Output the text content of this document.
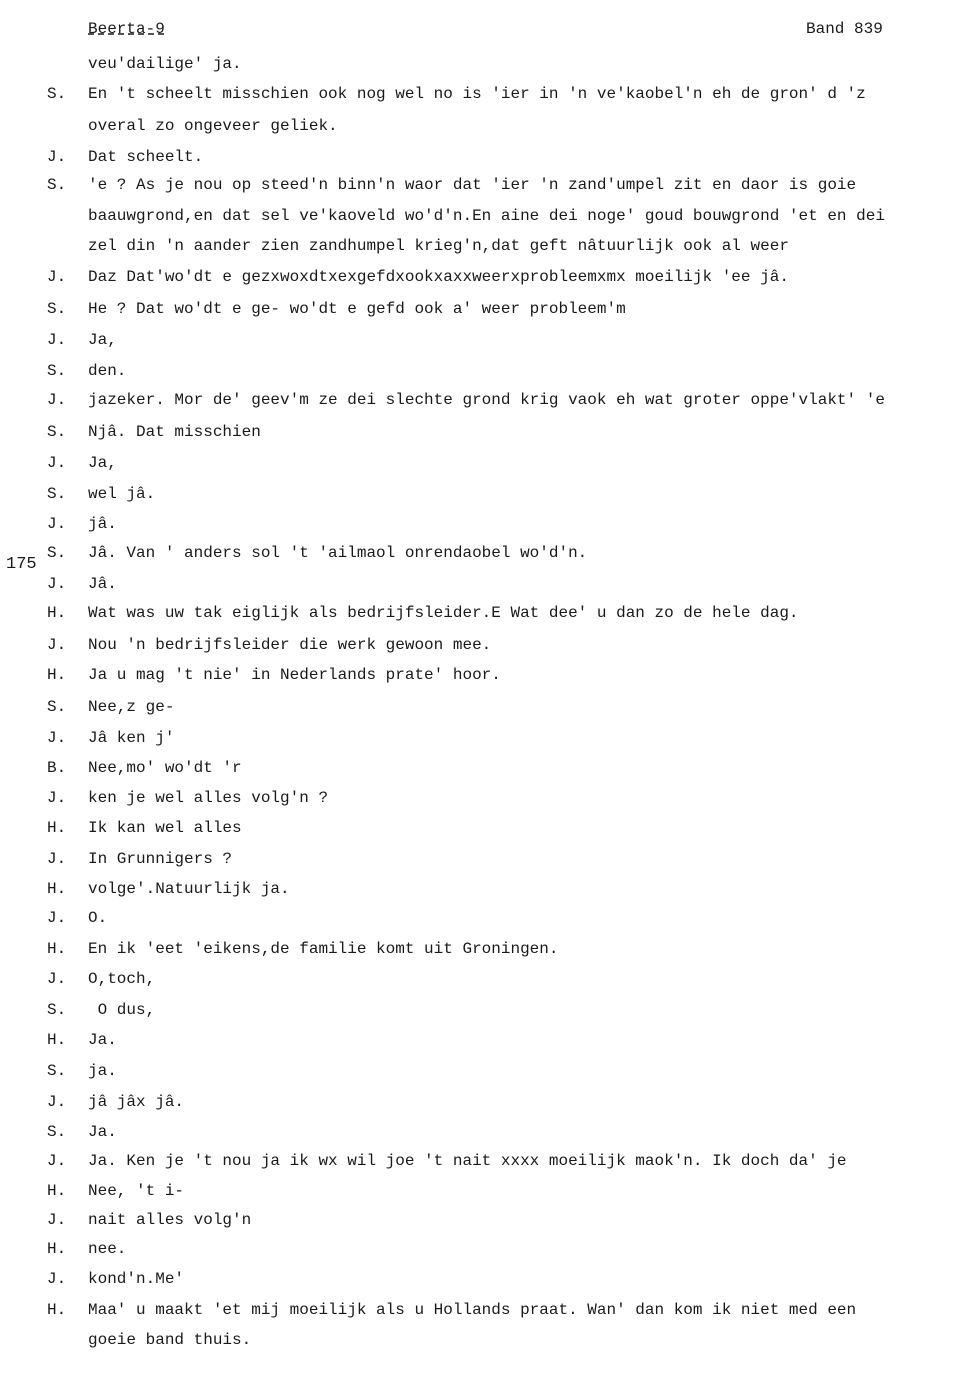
Beerta-9	Band 839
175
veu'dailige' ja.
S. En 't scheelt misschien ook nog wel no is 'ier in 'n ve'kaobel'n eh de gron' d 'z
overal zo ongeveer geliek.
J. Dat scheelt.
S. 'e ? As je nou op steed'n binn'n waor dat 'ier 'n zand'umpel zit en daor is goie
baauwgrond,en dat sel ve'kaoveld wo'd'n.En aine dei noge' goud bouwgrond 'et en dei
zel din 'n aander zien zandhumpel krieg'n,dat geft nâtuurlijk ook al weer
J. Daz Dat'wo'dt e gezxwoxdtxexgefdxookxaxxweerxprobleemxmx moeilijk 'ee jâ.
S. He ? Dat wo'dt e ge- wo'dt e gefd ook a' weer probleem'm
J. Ja,
S. den.
J. jazeker. Mor de' geev'm ze dei slechte grond krig vaok eh wat groter oppe'vlakt' 'e
S. Njâ. Dat misschien
J. Ja,
S. wel jâ.
J. jâ.
S. Jâ. Van ' anders sol 't 'ailmaol onrendaobel wo'd'n.
J. Jâ.
H. Wat was uw tak eiglijk als bedrijfsleider.E Wat dee' u dan zo de hele dag.
J. Nou 'n bedrijfsleider die werk gewoon mee.
H. Ja u mag 't nie' in Nederlands prate' hoor.
S. Nee,z ge-
J. Jâ ken j'
B. Nee,mo' wo'dt 'r
J. ken je wel alles volg'n ?
H. Ik kan wel alles
J. In Grunnigers ?
H. volge'.Natuurlijk ja.
J. O.
H. En ik 'eet 'eikens,de familie komt uit Groningen.
J. O,toch,
S. O dus,
H. Ja.
S. ja.
J. jâ jâx jâ.
S. Ja.
J. Ja. Ken je 't nou ja ik wx wil joe 't nait xxxx moeilijk maok'n. Ik doch da' je
H. Nee, 't i-
J. nait alles volg'n
H. nee.
J. kond'n.Me'
H. Maa' u maakt 'et mij moeilijk als u Hollands praat. Wan' dan kom ik niet med een
goeie band thuis.
